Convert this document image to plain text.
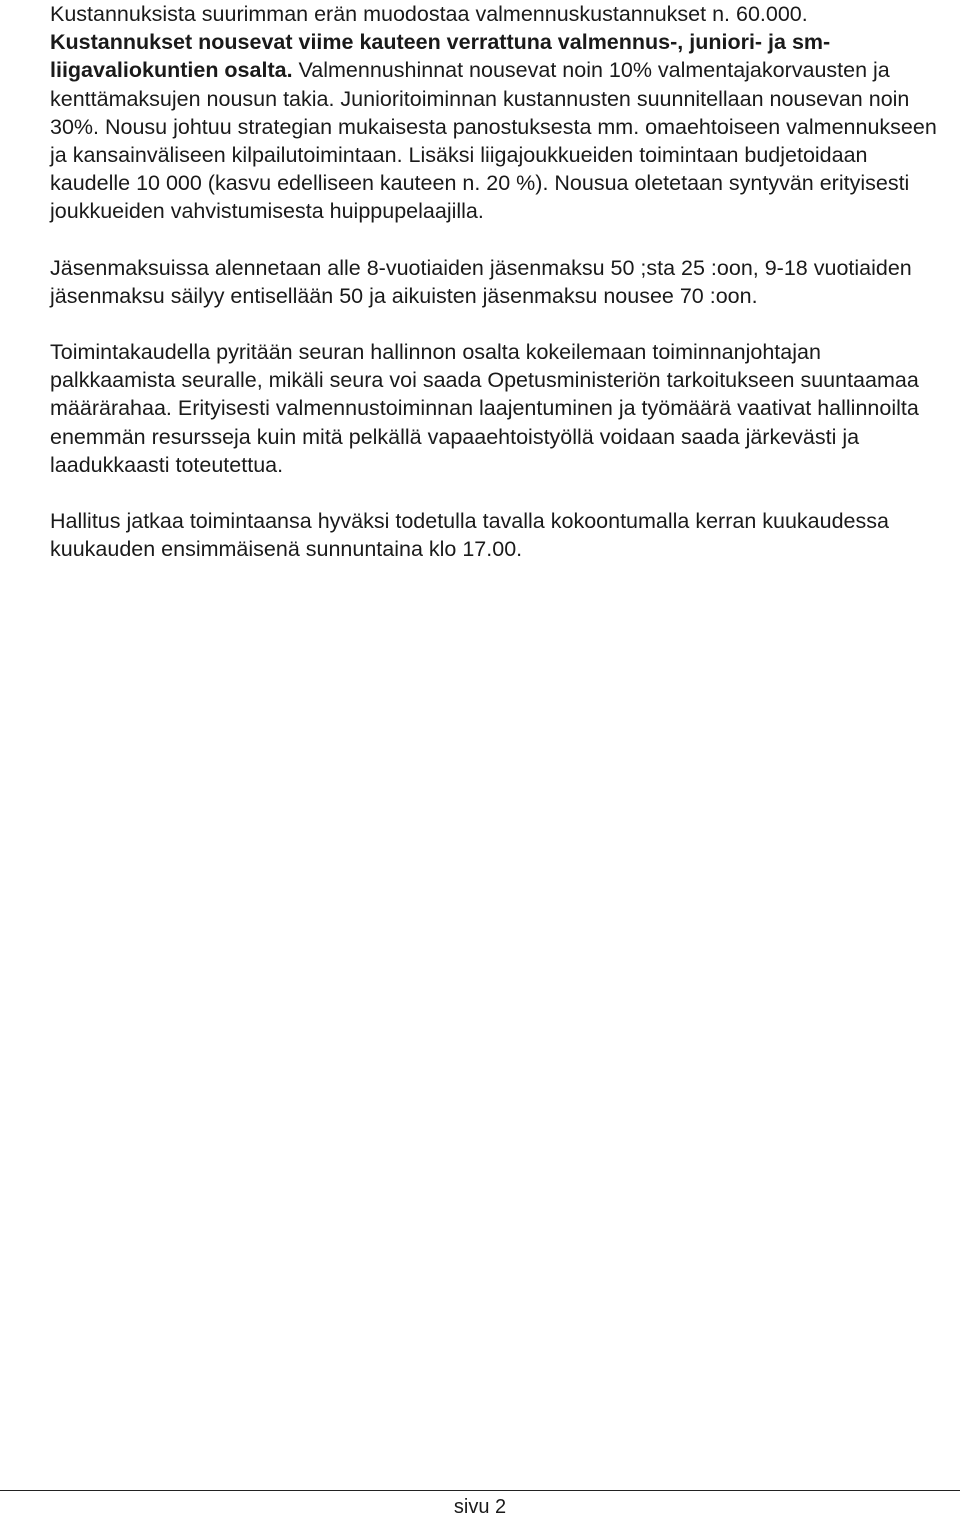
Kustannuksista suurimman erän muodostaa valmennuskustannukset n. 60.000. Kustannukset nousevat viime kauteen verrattuna valmennus-, juniori- ja sm-liigavaliokuntien osalta. Valmennushinnat nousevat noin 10% valmentajakorvausten ja kenttämaksujen nousun takia. Junioritoiminnan kustannusten suunnitellaan nousevan noin 30%. Nousu johtuu strategian mukaisesta panostuksesta mm. omaehtoiseen valmennukseen ja kansainväliseen kilpailutoimintaan. Lisäksi liigajoukkueiden toimintaan budjetoidaan kaudelle 10 000 (kasvu edelliseen kauteen n. 20 %). Nousua oletetaan syntyvän erityisesti joukkueiden vahvistumisesta huippupelaajilla.

Jäsenmaksuissa alennetaan alle 8-vuotiaiden jäsenmaksu 50 ;sta 25 :oon, 9-18 vuotiaiden jäsenmaksu säilyy entisellään 50 ja aikuisten jäsenmaksu nousee 70 :oon.

Toimintakaudella pyritään seuran hallinnon osalta kokeilemaan toiminnanjohtajan palkkaamista seuralle, mikäli seura voi saada Opetusministeriön tarkoitukseen suuntaamaa määrärahaa. Erityisesti valmennustoiminnan laajentuminen ja työmäärä vaativat hallinnoilta enemmän resursseja kuin mitä pelkällä vapaaehtoistyöllä voidaan saada järkevästi ja laadukkaasti toteutettua.

Hallitus jatkaa toimintaansa hyväksi todetulla tavalla kokoontumalla kerran kuukaudessa kuukauden ensimmäisenä sunnuntaina klo 17.00.

sivu 2
